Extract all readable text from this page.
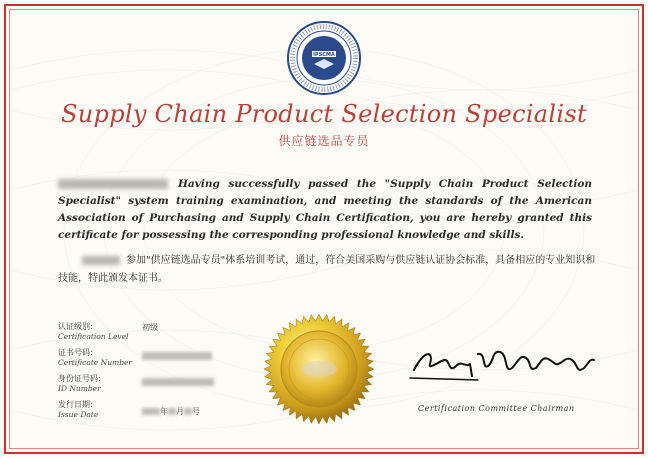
IPSCMA
Supply Chain Product Selection Specialist
供应链选品专员
Having successfully passed the "Supply Chain Product Selection Specialist" system training examination, and meeting the standards of the American Association of Purchasing and Supply Chain Certification, you are hereby granted this certificate for possessing the corresponding professional knowledge and skills.
参加"供应链选品专员"体系培训考试，通过，符合美国采购与供应链认证协会标准，具备相应的专业知识和技能，特此颁发本证书。
认证级别:
Certification Level
初级
证书号码:
Certificate Number
身份证号码:
ID Number
发行日期:
Issue Date	年 月 号	Certification Committee Chairman
